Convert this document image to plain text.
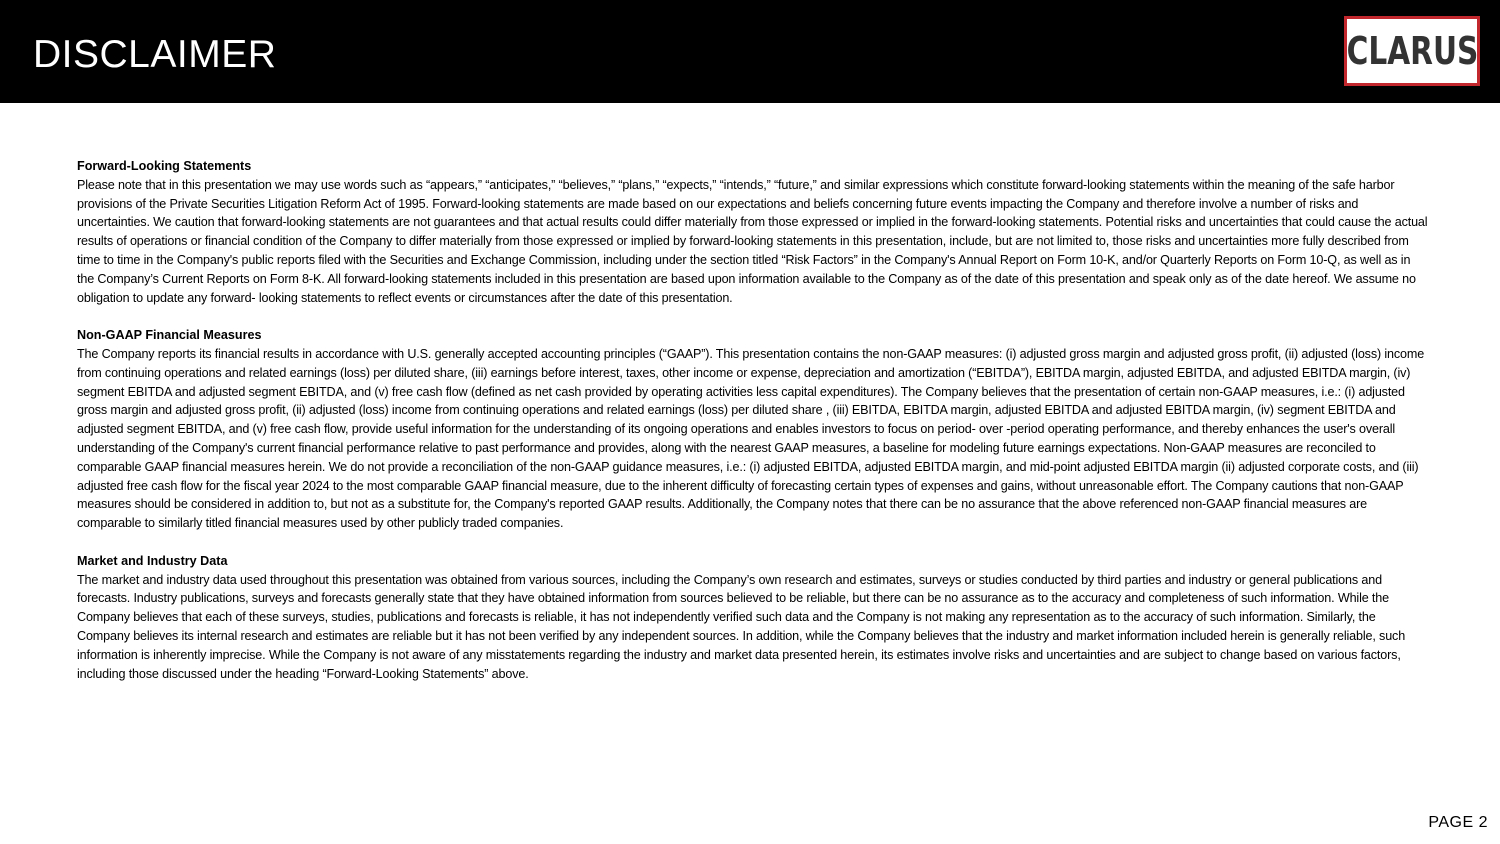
DISCLAIMER	CLARUS

Forward-Looking Statements

Please note that in this presentation we may use words such as “appears,” “anticipates,” “believes,” “plans,” “expects,” “intends,” “future,” and similar expressions which constitute forward-looking statements within the meaning of the safe harbor provisions of the Private Securities Litigation Reform Act of 1995. Forward-looking statements are made based on our expectations and beliefs concerning future events impacting the Company and therefore involve a number of risks and uncertainties. We caution that forward-looking statements are not guarantees and that actual results could differ materially from those expressed or implied in the forward-looking statements. Potential risks and uncertainties that could cause the actual results of operations or financial condition of the Company to differ materially from those expressed or implied by forward-looking statements in this presentation, include, but are not limited to, those risks and uncertainties more fully described from time to time in the Company's public reports filed with the Securities and Exchange Commission, including under the section titled “Risk Factors” in the Company's Annual Report on Form 10-K, and/or Quarterly Reports on Form 10-Q, as well as in the Company’s Current Reports on Form 8-K. All forward-looking statements included in this presentation are based upon information available to the Company as of the date of this presentation and speak only as of the date hereof. We assume no obligation to update any forward- looking statements to reflect events or circumstances after the date of this presentation.

Non-GAAP Financial Measures

The Company reports its financial results in accordance with U.S. generally accepted accounting principles (“GAAP”). This presentation contains the non-GAAP measures: (i) adjusted gross margin and adjusted gross profit, (ii) adjusted (loss) income from continuing operations and related earnings (loss) per diluted share, (iii) earnings before interest, taxes, other income or expense, depreciation and amortization (“EBITDA”), EBITDA margin, adjusted EBITDA, and adjusted EBITDA margin, (iv) segment EBITDA and adjusted segment EBITDA, and (v) free cash flow (defined as net cash provided by operating activities less capital expenditures). The Company believes that the presentation of certain non-GAAP measures, i.e.: (i) adjusted gross margin and adjusted gross profit, (ii) adjusted (loss) income from continuing operations and related earnings (loss) per diluted share , (iii) EBITDA, EBITDA margin, adjusted EBITDA and adjusted EBITDA margin, (iv) segment EBITDA and adjusted segment EBITDA, and (v) free cash flow, provide useful information for the understanding of its ongoing operations and enables investors to focus on period- over -period operating performance, and thereby enhances the user's overall understanding of the Company's current financial performance relative to past performance and provides, along with the nearest GAAP measures, a baseline for modeling future earnings expectations. Non-GAAP measures are reconciled to comparable GAAP financial measures herein. We do not provide a reconciliation of the non-GAAP guidance measures, i.e.: (i) adjusted EBITDA, adjusted EBITDA margin, and mid-point adjusted EBITDA margin (ii) adjusted corporate costs, and (iii) adjusted free cash flow for the fiscal year 2024 to the most comparable GAAP financial measure, due to the inherent difficulty of forecasting certain types of expenses and gains, without unreasonable effort. The Company cautions that non-GAAP measures should be considered in addition to, but not as a substitute for, the Company's reported GAAP results. Additionally, the Company notes that there can be no assurance that the above referenced non-GAAP financial measures are comparable to similarly titled financial measures used by other publicly traded companies.

Market and Industry Data

The market and industry data used throughout this presentation was obtained from various sources, including the Company’s own research and estimates, surveys or studies conducted by third parties and industry or general publications and forecasts. Industry publications, surveys and forecasts generally state that they have obtained information from sources believed to be reliable, but there can be no assurance as to the accuracy and completeness of such information. While the Company believes that each of these surveys, studies, publications and forecasts is reliable, it has not independently verified such data and the Company is not making any representation as to the accuracy of such information. Similarly, the Company believes its internal research and estimates are reliable but it has not been verified by any independent sources. In addition, while the Company believes that the industry and market information included herein is generally reliable, such information is inherently imprecise. While the Company is not aware of any misstatements regarding the industry and market data presented herein, its estimates involve risks and uncertainties and are subject to change based on various factors, including those discussed under the heading “Forward-Looking Statements” above.

PAGE 2
